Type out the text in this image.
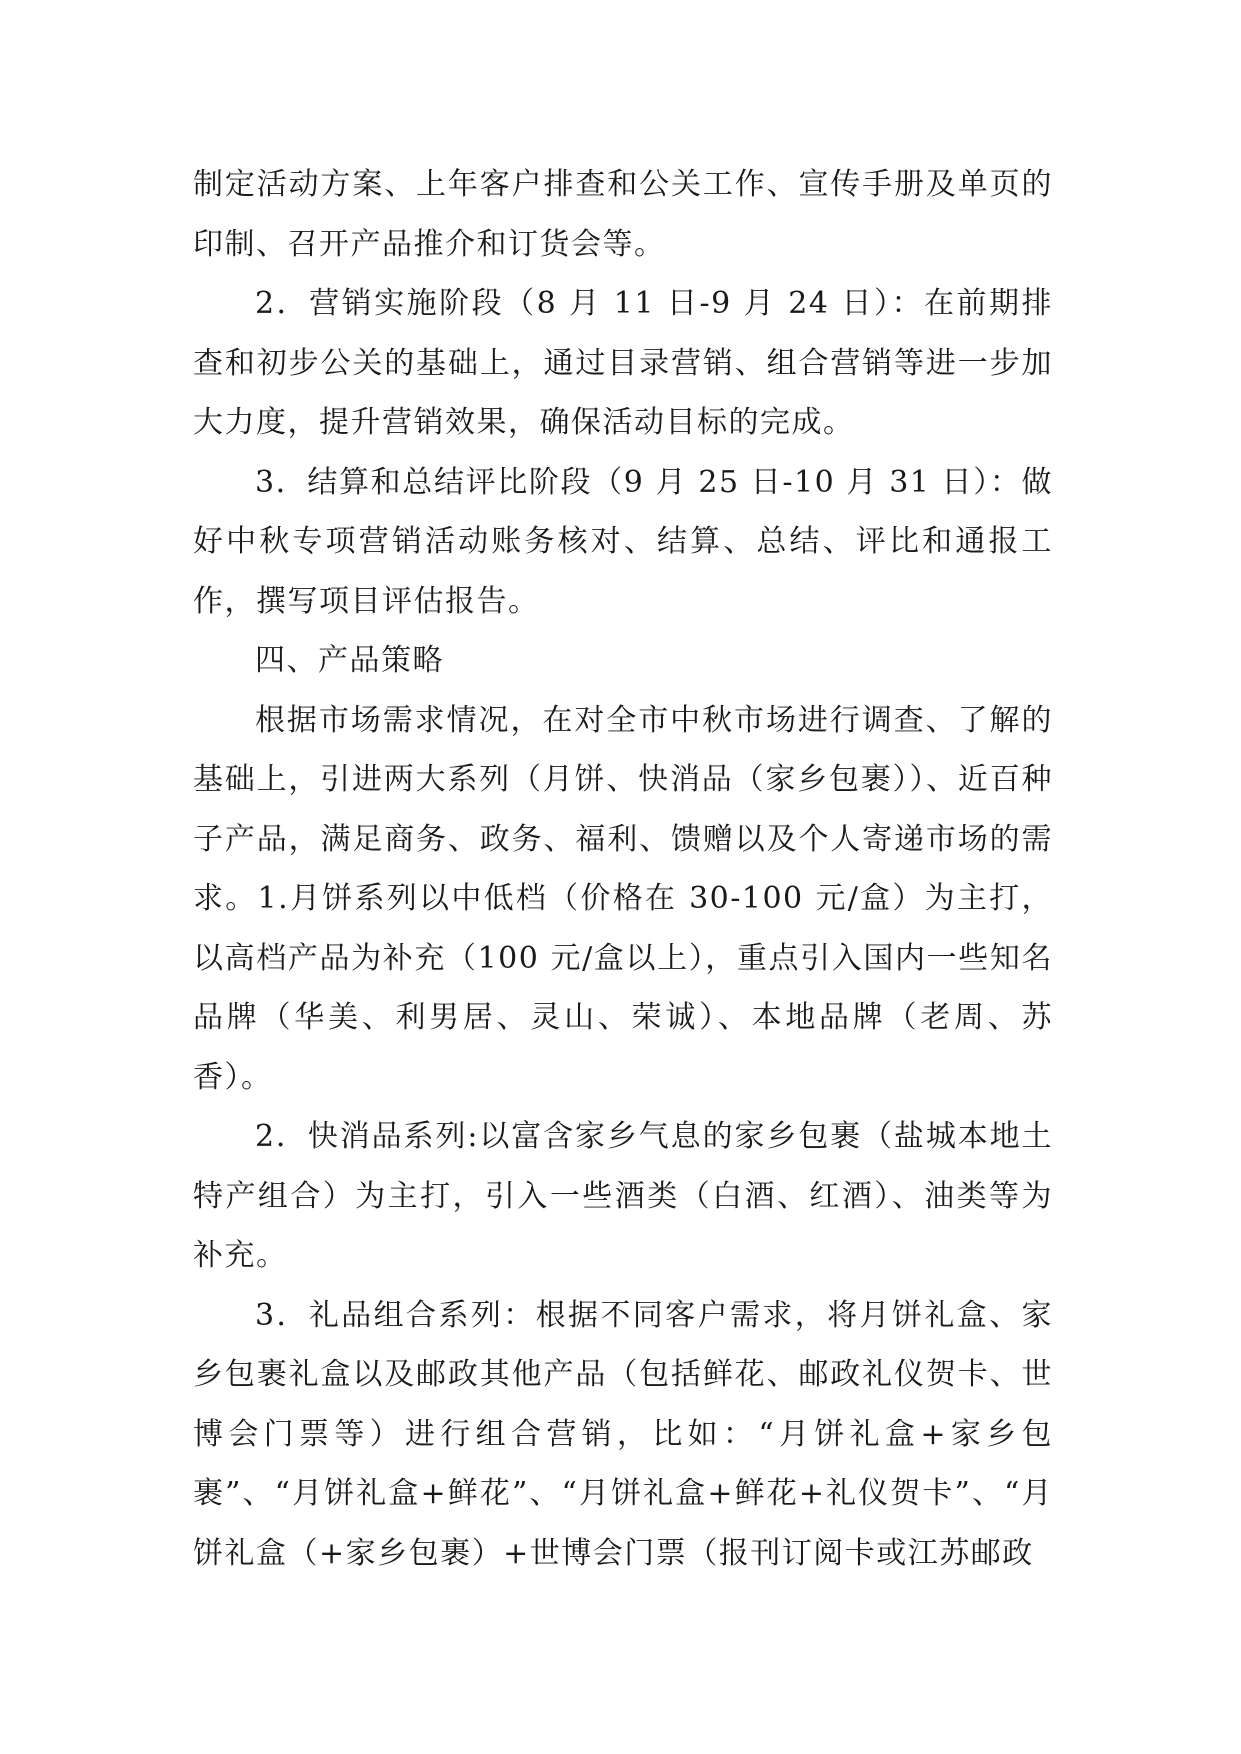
制定活动方案、上年客户排查和公关工作、宣传手册及单页的印制、召开产品推介和订货会等。

2．营销实施阶段（8 月 11 日-9 月 24 日）：在前期排查和初步公关的基础上，通过目录营销、组合营销等进一步加大力度，提升营销效果，确保活动目标的完成。

3．结算和总结评比阶段（9 月 25 日-10 月 31 日）：做好中秋专项营销活动账务核对、结算、总结、评比和通报工作，撰写项目评估报告。

四、产品策略

根据市场需求情况，在对全市中秋市场进行调查、了解的基础上，引进两大系列（月饼、快消品（家乡包裹））、近百种子产品，满足商务、政务、福利、馈赠以及个人寄递市场的需求。1.月饼系列以中低档（价格在 30-100 元/盒）为主打，以高档产品为补充（100 元/盒以上），重点引入国内一些知名品牌（华美、利男居、灵山、荣诚）、本地品牌（老周、苏香）。

2．快消品系列:以富含家乡气息的家乡包裹（盐城本地土特产组合）为主打，引入一些酒类（白酒、红酒）、油类等为补充。

3．礼品组合系列：根据不同客户需求，将月饼礼盒、家乡包裹礼盒以及邮政其他产品（包括鲜花、邮政礼仪贺卡、世博会门票等）进行组合营销，比如：“月饼礼盒+家乡包裹”、“月饼礼盒+鲜花”、“月饼礼盒+鲜花+礼仪贺卡”、“月饼礼盒（+家乡包裹）+世博会门票（报刊订阅卡或江苏邮政
